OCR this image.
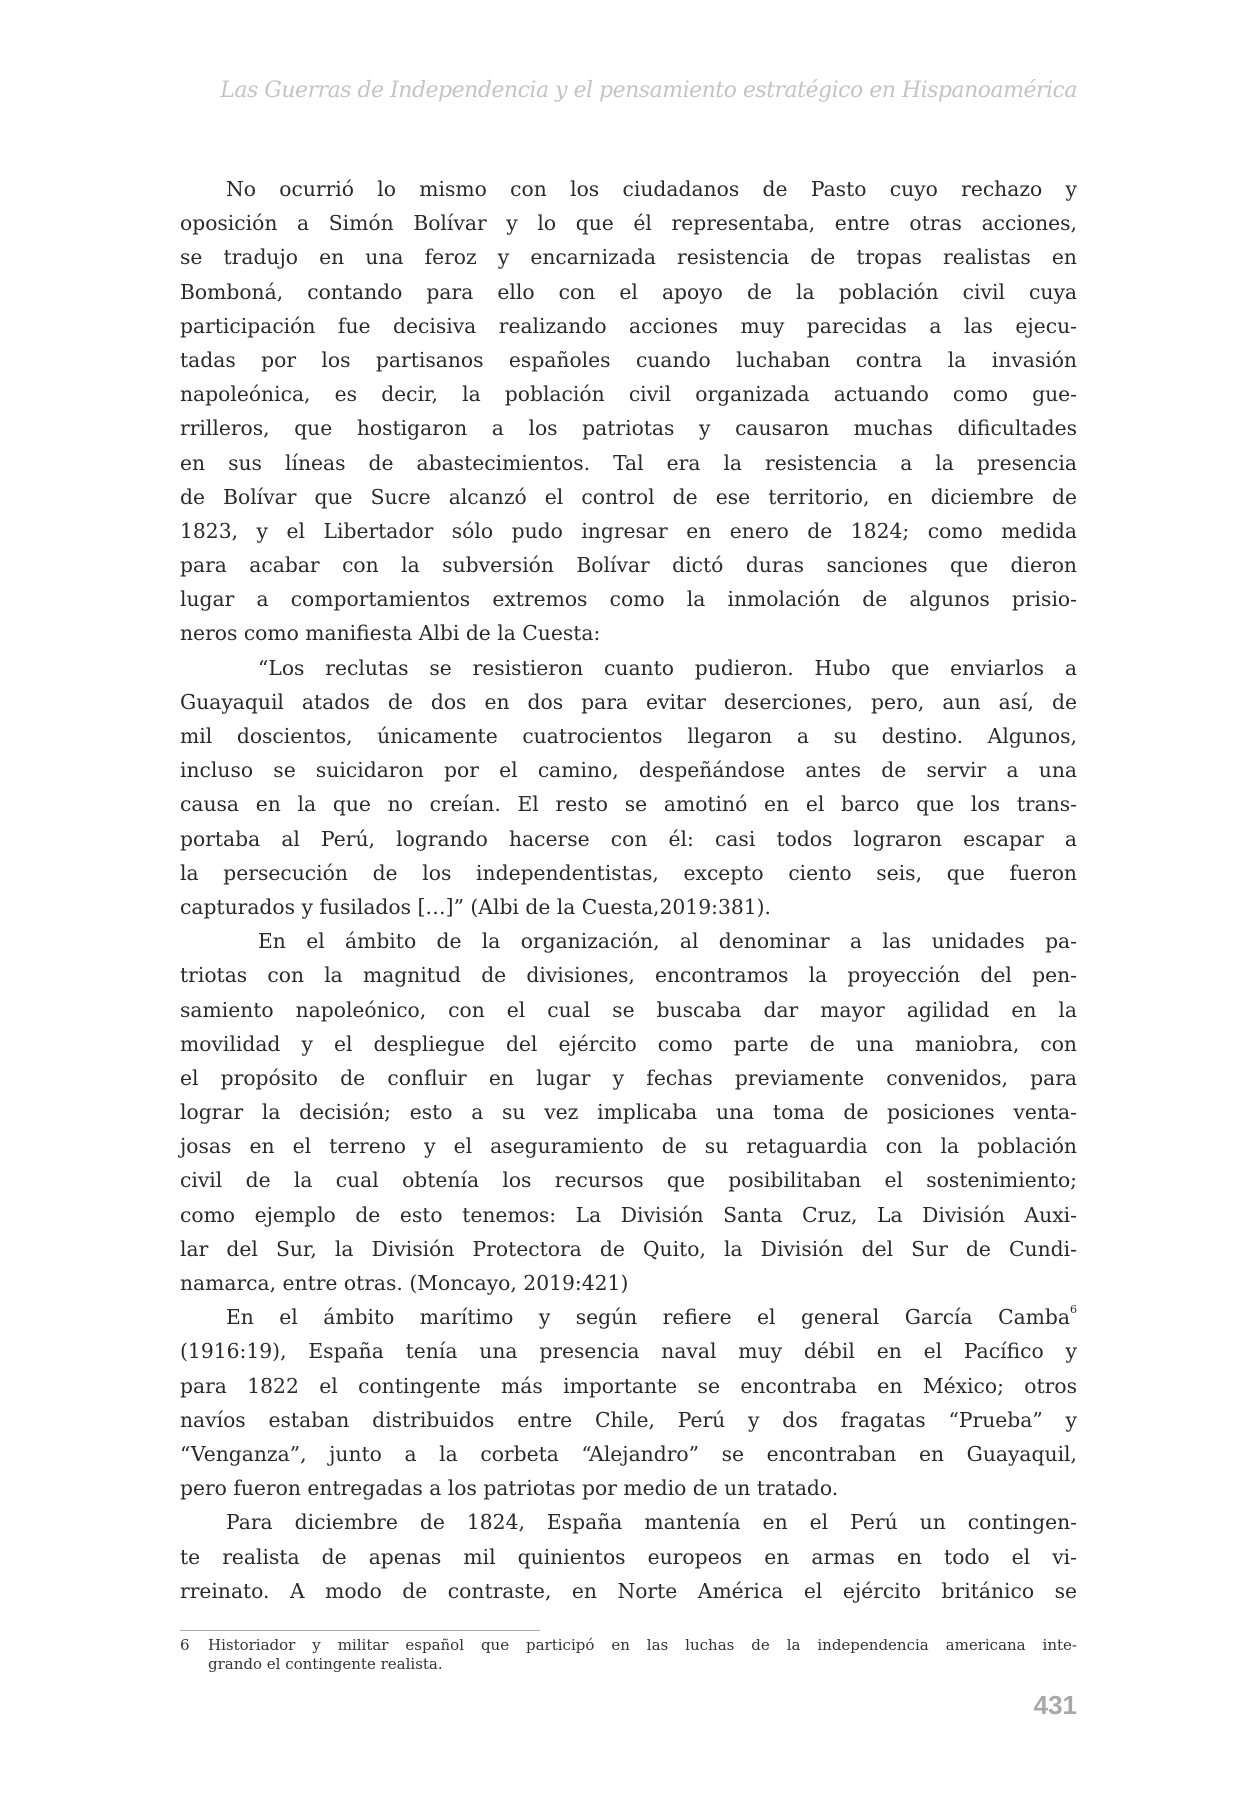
Las Guerras de Independencia y el pensamiento estratégico en Hispanoamérica
No ocurrió lo mismo con los ciudadanos de Pasto cuyo rechazo y
oposición a Simón Bolívar y lo que él representaba, entre otras acciones,
se tradujo en una feroz y encarnizada resistencia de tropas realistas en
Bomboná, contando para ello con el apoyo de la población civil cuya
participación fue decisiva realizando acciones muy parecidas a las ejecu-
tadas por los partisanos españoles cuando luchaban contra la invasión
napoleónica, es decir, la población civil organizada actuando como gue-
rrilleros, que hostigaron a los patriotas y causaron muchas dificultades
en sus líneas de abastecimientos. Tal era la resistencia a la presencia
de Bolívar que Sucre alcanzó el control de ese territorio, en diciembre de
1823, y el Libertador sólo pudo ingresar en enero de 1824; como medida
para acabar con la subversión Bolívar dictó duras sanciones que dieron
lugar a comportamientos extremos como la inmolación de algunos prisio-
neros como manifiesta Albi de la Cuesta:
“Los reclutas se resistieron cuanto pudieron. Hubo que enviarlos a
Guayaquil atados de dos en dos para evitar deserciones, pero, aun así, de
mil doscientos, únicamente cuatrocientos llegaron a su destino. Algunos,
incluso se suicidaron por el camino, despeñándose antes de servir a una
causa en la que no creían. El resto se amotinó en el barco que los trans-
portaba al Perú, logrando hacerse con él: casi todos lograron escapar a
la persecución de los independentistas, excepto ciento seis, que fueron
capturados y fusilados […]” (Albi de la Cuesta,2019:381).
En el ámbito de la organización, al denominar a las unidades pa-
triotas con la magnitud de divisiones, encontramos la proyección del pen-
samiento napoleónico, con el cual se buscaba dar mayor agilidad en la
movilidad y el despliegue del ejército como parte de una maniobra, con
el propósito de confluir en lugar y fechas previamente convenidos, para
lograr la decisión; esto a su vez implicaba una toma de posiciones venta-
josas en el terreno y el aseguramiento de su retaguardia con la población
civil de la cual obtenía los recursos que posibilitaban el sostenimiento;
como ejemplo de esto tenemos: La División Santa Cruz, La División Auxi-
lar del Sur, la División Protectora de Quito, la División del Sur de Cundi-
namarca, entre otras. (Moncayo, 2019:421)
En el ámbito marítimo y según refiere el general García Camba$^6$
(1916:19), España tenía una presencia naval muy débil en el Pacífico y
para 1822 el contingente más importante se encontraba en México; otros
navíos estaban distribuidos entre Chile, Perú y dos fragatas “Prueba” y
“Venganza”, junto a la corbeta “Alejandro” se encontraban en Guayaquil,
pero fueron entregadas a los patriotas por medio de un tratado.
Para diciembre de 1824, España mantenía en el Perú un contingen-
te realista de apenas mil quinientos europeos en armas en todo el vi-
rreinato. A modo de contraste, en Norte América el ejército británico se
6 Historiador y militar español que participó en las luchas de la independencia americana inte-
grando el contingente realista.
431
